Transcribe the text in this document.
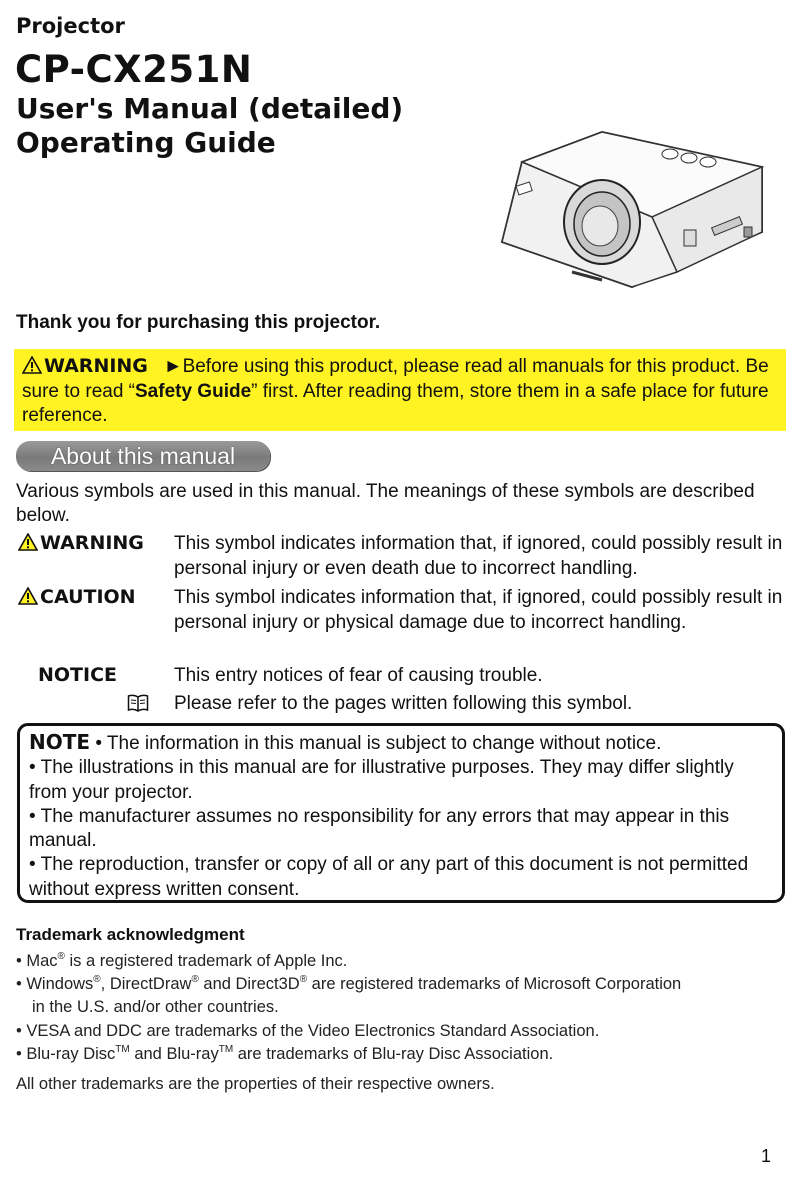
Projector
CP-CX251N
User's Manual (detailed)
Operating Guide
Thank you for purchasing this projector.
WARNING ►Before using this product, please read all manuals for this product. Be sure to read “Safety Guide” first. After reading them, store them in a safe place for future reference.
About this manual
Various symbols are used in this manual. The meanings of these symbols are described below.
WARNING This symbol indicates information that, if ignored, could possibly result in personal injury or even death due to incorrect handling.
CAUTION This symbol indicates information that, if ignored, could possibly result in personal injury or physical damage due to incorrect handling.
NOTICE	This entry notices of fear of causing trouble.
Please refer to the pages written following this symbol.
NOTE • The information in this manual is subject to change without notice.
• The illustrations in this manual are for illustrative purposes. They may differ slightly from your projector.
• The manufacturer assumes no responsibility for any errors that may appear in this manual.
• The reproduction, transfer or copy of all or any part of this document is not permitted without express written consent.
Trademark acknowledgment

• Mac® is a registered trademark of Apple Inc.

• Windows®, DirectDraw® and Direct3D® are registered trademarks of Microsoft Corporation

in the U.S. and/or other countries.

• VESA and DDC are trademarks of the Video Electronics Standard Association.

• Blu-ray Disc™ and Blu-ray™ are trademarks of Blu-ray Disc Association.

All other trademarks are the properties of their respective owners.
1
